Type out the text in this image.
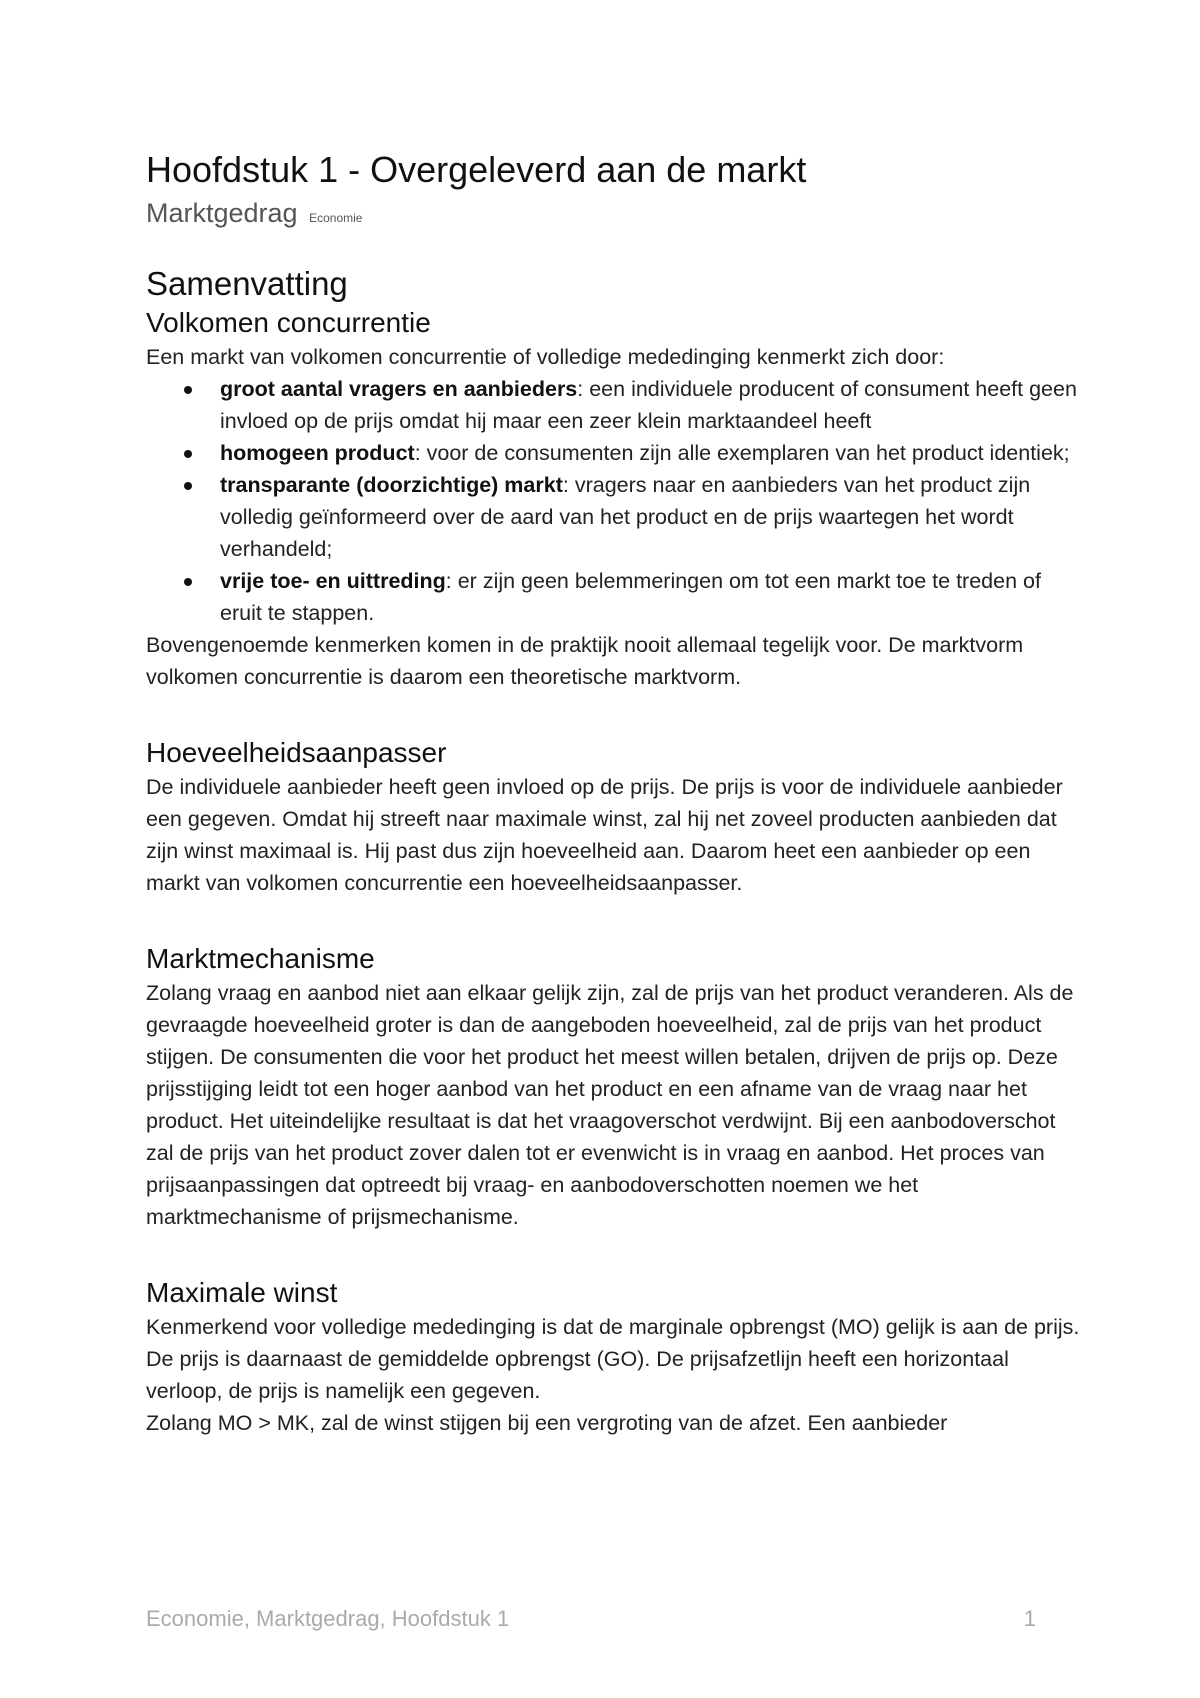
Hoofdstuk 1 - Overgeleverd aan de markt
Marktgedrag Economie
Samenvatting
Volkomen concurrentie

Een markt van volkomen concurrentie of volledige mededinging kenmerkt zich door:

groot aantal vragers en aanbieders: een individuele producent of consument heeft geen invloed op de prijs omdat hij maar een zeer klein marktaandeel heeft
homogeen product: voor de consumenten zijn alle exemplaren van het product identiek;
transparante (doorzichtige) markt: vragers naar en aanbieders van het product zijn volledig geïnformeerd over de aard van het product en de prijs waartegen het wordt verhandeld;
vrije toe- en uittreding: er zijn geen belemmeringen om tot een markt toe te treden of eruit te stappen.

Bovengenoemde kenmerken komen in de praktijk nooit allemaal tegelijk voor. De marktvorm volkomen concurrentie is daarom een theoretische marktvorm.

Hoeveelheidsaanpasser

De individuele aanbieder heeft geen invloed op de prijs. De prijs is voor de individuele aanbieder een gegeven. Omdat hij streeft naar maximale winst, zal hij net zoveel producten aanbieden dat zijn winst maximaal is. Hij past dus zijn hoeveelheid aan. Daarom heet een aanbieder op een markt van volkomen concurrentie een hoeveelheidsaanpasser.

Marktmechanisme

Zolang vraag en aanbod niet aan elkaar gelijk zijn, zal de prijs van het product veranderen. Als de gevraagde hoeveelheid groter is dan de aangeboden hoeveelheid, zal de prijs van het product stijgen. De consumenten die voor het product het meest willen betalen, drijven de prijs op. Deze prijsstijging leidt tot een hoger aanbod van het product en een afname van de vraag naar het product. Het uiteindelijke resultaat is dat het vraagoverschot verdwijnt. Bij een aanbodoverschot zal de prijs van het product zover dalen tot er evenwicht is in vraag en aanbod. Het proces van prijsaanpassingen dat optreedt bij vraag- en aanbodoverschotten noemen we het marktmechanisme of prijsmechanisme.

Maximale winst

Kenmerkend voor volledige mededinging is dat de marginale opbrengst (MO) gelijk is aan de prijs. De prijs is daarnaast de gemiddelde opbrengst (GO). De prijsafzetlijn heeft een horizontaal verloop, de prijs is namelijk een gegeven.

Zolang MO > MK, zal de winst stijgen bij een vergroting van de afzet. Een aanbieder

Economie, Marktgedrag, Hoofdstuk 1	1
